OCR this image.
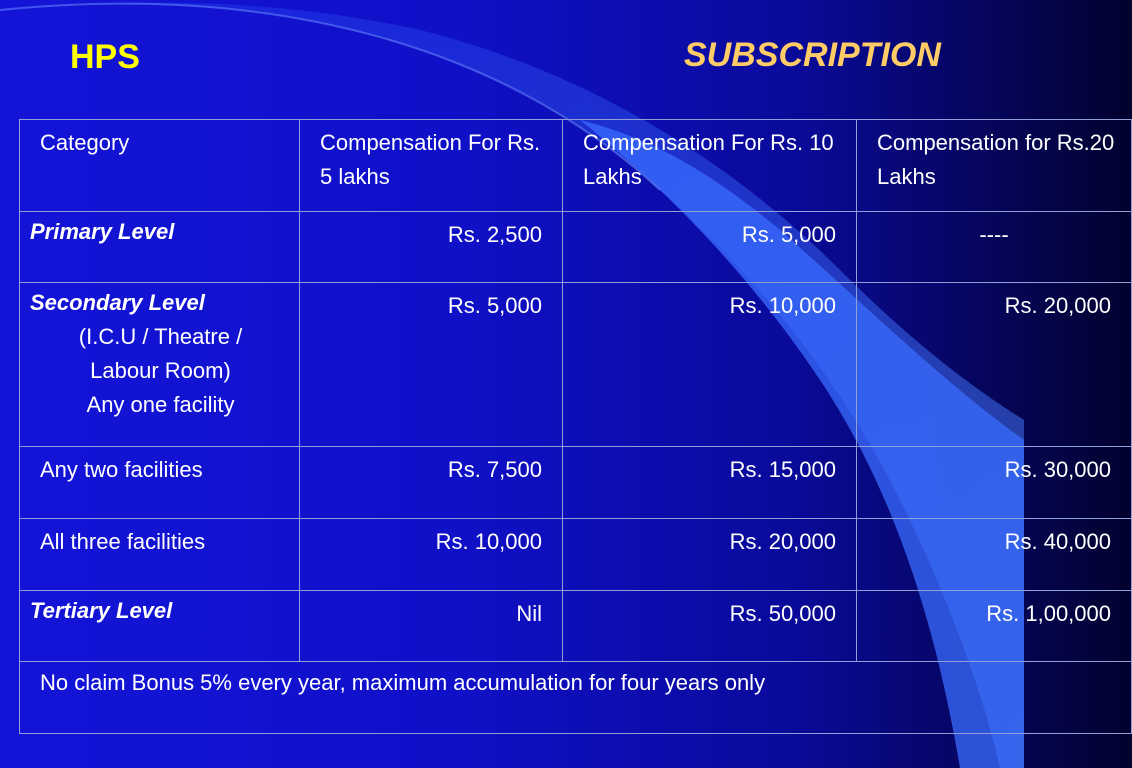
HPS	SUBSCRIPTION
Category	Compensation For Rs. 5 lakhs	Compensation For Rs. 10 Lakhs	Compensation for Rs.20 Lakhs
Primary Level	Rs. 2,500	Rs. 5,000	----
Secondary Level
(I.C.U / Theatre /
Labour Room)
Any one facility	Rs. 5,000	Rs. 10,000	Rs. 20,000
Any two facilities	Rs. 7,500	Rs. 15,000	Rs. 30,000
All three facilities	Rs. 10,000	Rs. 20,000	Rs. 40,000
Tertiary Level	Nil	Rs. 50,000	Rs. 1,00,000
No claim Bonus 5% every year, maximum accumulation for four years only			
